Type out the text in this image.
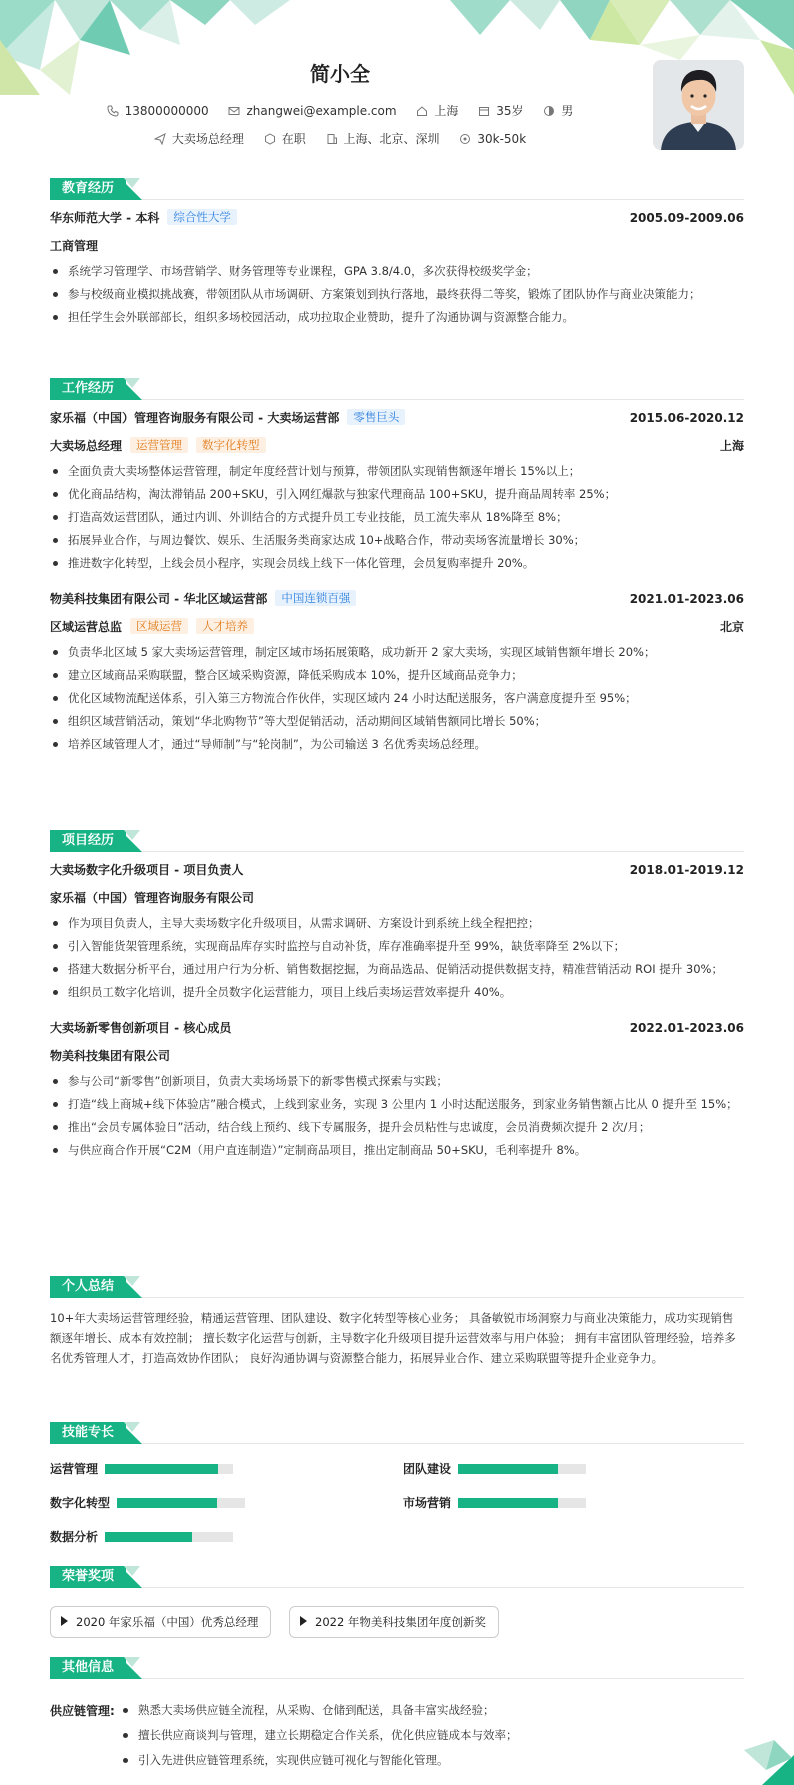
简小全
13800000000	zhangwei@example.com	上海	35岁	男
大卖场总经理	在职	上海、北京、深圳	30k-50k
教育经历
华东师范大学 - 本科 综合性大学	2005.09-2009.06
工商管理
系统学习管理学、市场营销学、财务管理等专业课程，GPA 3.8/4.0，多次获得校级奖学金；
参与校级商业模拟挑战赛，带领团队从市场调研、方案策划到执行落地，最终获得二等奖，锻炼了团队协作与商业决策能力；
担任学生会外联部部长，组织多场校园活动，成功拉取企业赞助，提升了沟通协调与资源整合能力。
工作经历
家乐福（中国）管理咨询服务有限公司 - 大卖场运营部 零售巨头	2015.06-2020.12
大卖场总经理 运营管理 数字化转型	上海
全面负责大卖场整体运营管理，制定年度经营计划与预算，带领团队实现销售额逐年增长 15%以上；
优化商品结构，淘汰滞销品 200+SKU，引入网红爆款与独家代理商品 100+SKU，提升商品周转率 25%；
打造高效运营团队，通过内训、外训结合的方式提升员工专业技能，员工流失率从 18%降至 8%；
拓展异业合作，与周边餐饮、娱乐、生活服务类商家达成 10+战略合作，带动卖场客流量增长 30%；
推进数字化转型，上线会员小程序，实现会员线上线下一体化管理，会员复购率提升 20%。
物美科技集团有限公司 - 华北区域运营部 中国连锁百强	2021.01-2023.06
区域运营总监 区域运营 人才培养	北京
负责华北区域 5 家大卖场运营管理，制定区域市场拓展策略，成功新开 2 家大卖场，实现区域销售额年增长 20%；
建立区域商品采购联盟，整合区域采购资源，降低采购成本 10%，提升区域商品竞争力；
优化区域物流配送体系，引入第三方物流合作伙伴，实现区域内 24 小时达配送服务，客户满意度提升至 95%；
组织区域营销活动，策划“华北购物节”等大型促销活动，活动期间区域销售额同比增长 50%；
培养区域管理人才，通过“导师制”与“轮岗制”，为公司输送 3 名优秀卖场总经理。
项目经历
大卖场数字化升级项目 - 项目负责人	2018.01-2019.12
家乐福（中国）管理咨询服务有限公司
作为项目负责人，主导大卖场数字化升级项目，从需求调研、方案设计到系统上线全程把控；
引入智能货架管理系统，实现商品库存实时监控与自动补货，库存准确率提升至 99%，缺货率降至 2%以下；
搭建大数据分析平台，通过用户行为分析、销售数据挖掘，为商品选品、促销活动提供数据支持，精准营销活动 ROI 提升 30%；
组织员工数字化培训，提升全员数字化运营能力，项目上线后卖场运营效率提升 40%。
大卖场新零售创新项目 - 核心成员	2022.01-2023.06
物美科技集团有限公司
参与公司“新零售”创新项目，负责大卖场场景下的新零售模式探索与实践；
打造“线上商城+线下体验店”融合模式，上线到家业务，实现 3 公里内 1 小时达配送服务，到家业务销售额占比从 0 提升至 15%；
推出“会员专属体验日”活动，结合线上预约、线下专属服务，提升会员粘性与忠诚度，会员消费频次提升 2 次/月；
与供应商合作开展“C2M（用户直连制造）”定制商品项目，推出定制商品 50+SKU，毛利率提升 8%。
个人总结
10+年大卖场运营管理经验，精通运营管理、团队建设、数字化转型等核心业务； 具备敏锐市场洞察力与商业决策能力，成功实现销售额逐年增长、成本有效控制； 擅长数字化运营与创新，主导数字化升级项目提升运营效率与用户体验； 拥有丰富团队管理经验，培养多名优秀管理人才，打造高效协作团队； 良好沟通协调与资源整合能力，拓展异业合作、建立采购联盟等提升企业竞争力。
技能专长
运营管理	团队建设
数字化转型	市场营销
数据分析
荣誉奖项
2020 年家乐福（中国）优秀总经理	2022 年物美科技集团年度创新奖
其他信息
供应链管理:	熟悉大卖场供应链全流程，从采购、仓储到配送，具备丰富实战经验；
擅长供应商谈判与管理，建立长期稳定合作关系，优化供应链成本与效率；
引入先进供应链管理系统，实现供应链可视化与智能化管理。
